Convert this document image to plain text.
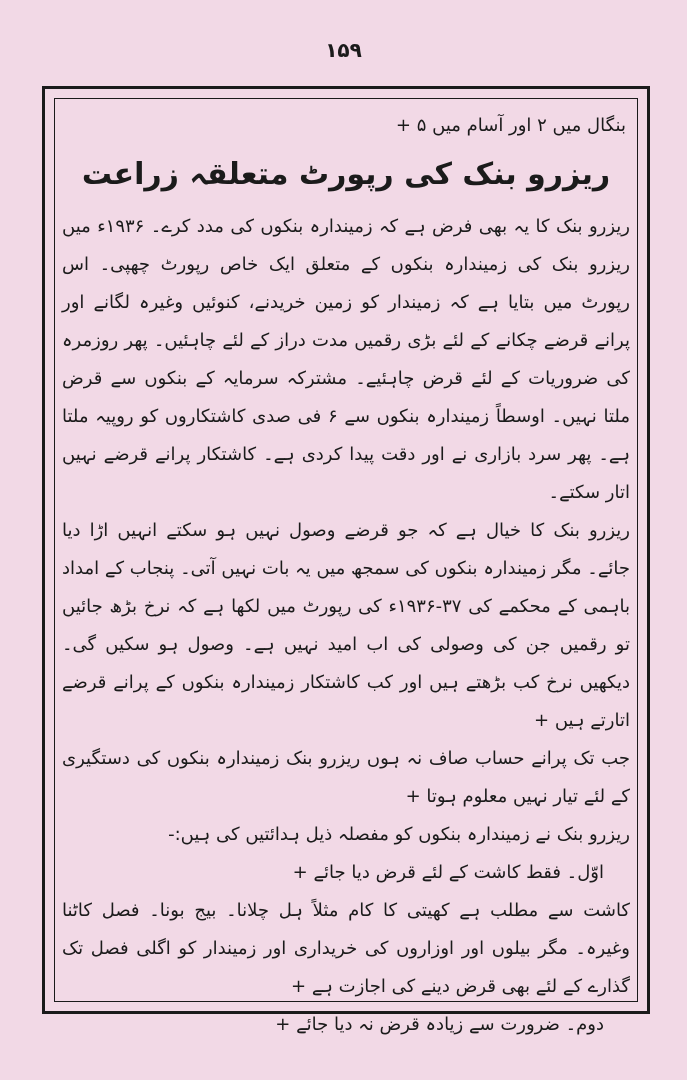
۱۵۹
بنگال میں ۲ اور آسام میں ۵ +
ریزرو بنک کی رپورٹ متعلقہ زراعت

ریزرو بنک کا یہ بھی فرض ہے کہ زمیندارہ بنکوں کی مدد کرے۔ ۱۹۳۶ء میں ریزرو بنک کی زمیندارہ بنکوں کے متعلق ایک خاص رپورٹ چھپی۔ اس رپورٹ میں بتایا ہے کہ زمیندار کو زمین خریدنے، کنوئیں وغیرہ لگانے اور پرانے قرضے چکانے کے لئے بڑی رقمیں مدت دراز کے لئے چاہئیں۔ پھر روزمرہ کی ضروریات کے لئے قرض چاہئیے۔ مشترکہ سرمایہ کے بنکوں سے قرض ملتا نہیں۔ اوسطاً زمیندارہ بنکوں سے ۶ فی صدی کاشتکاروں کو روپیہ ملتا ہے۔ پھر سرد بازاری نے اور دقت پیدا کردی ہے۔ کاشتکار پرانے قرضے نہیں اتار سکتے۔

ریزرو بنک کا خیال ہے کہ جو قرضے وصول نہیں ہو سکتے انہیں اڑا دیا جائے۔ مگر زمیندارہ بنکوں کی سمجھ میں یہ بات نہیں آتی۔ پنجاب کے امداد باہمی کے محکمے کی ۳۷-۱۹۳۶ء کی رپورٹ میں لکھا ہے کہ نرخ بڑھ جائیں تو رقمیں جن کی وصولی کی اب امید نہیں ہے۔ وصول ہو سکیں گی۔ دیکھیں نرخ کب بڑھتے ہیں اور کب کاشتکار زمیندارہ بنکوں کے پرانے قرضے اتارتے ہیں +

جب تک پرانے حساب صاف نہ ہوں ریزرو بنک زمیندارہ بنکوں کی دستگیری کے لئے تیار نہیں معلوم ہوتا +

ریزرو بنک نے زمیندارہ بنکوں کو مفصلہ ذیل ہدائتیں کی ہیں:-

اوّل۔ فقط کاشت کے لئے قرض دیا جائے +

کاشت سے مطلب ہے کھیتی کا کام مثلاً ہل چلانا۔ بیج بونا۔ فصل کاٹنا وغیرہ۔ مگر بیلوں اور اوزاروں کی خریداری اور زمیندار کو اگلی فصل تک گذارے کے لئے بھی قرض دینے کی اجازت ہے +

دوم۔ ضرورت سے زیادہ قرض نہ دیا جائے +
